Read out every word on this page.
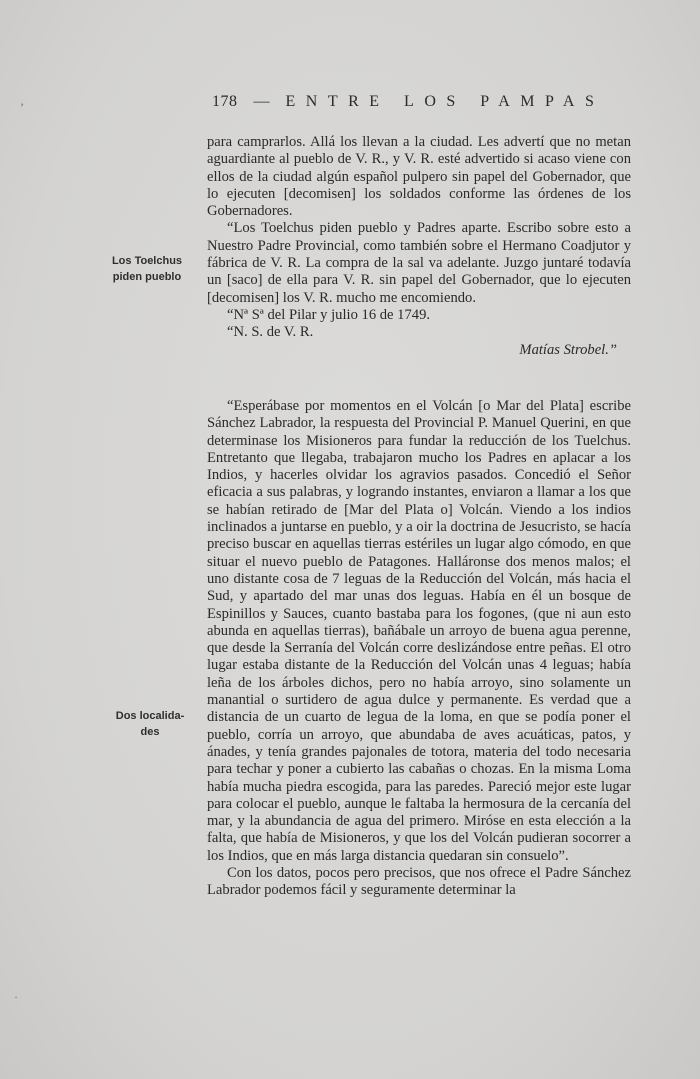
178 — ENTRE LOS PAMPAS
Los Toelchus
piden pueblo
Dos localida-
des

para camprarlos. Allá los llevan a la ciudad. Les advertí que no metan aguardiante al pueblo de V. R., y V. R. esté advertido si acaso viene con ellos de la ciudad algún español pulpero sin papel del Gobernador, que lo ejecuten [decomisen] los soldados conforme las órdenes de los Gobernadores.

“Los Toelchus piden pueblo y Padres aparte. Escribo sobre esto a Nuestro Padre Provincial, como también sobre el Hermano Coadjutor y fábrica de V. R. La compra de la sal va adelante. Juzgo juntaré todavía un [saco] de ella para V. R. sin papel del Gobernador, que lo ejecuten [decomisen] los V. R. mucho me encomiendo.

“Nª Sª del Pilar y julio 16 de 1749.

“N. S. de V. R.

Matías Strobel.”

“Esperábase por momentos en el Volcán [o Mar del Plata] escribe Sánchez Labrador, la respuesta del Provincial P. Manuel Querini, en que determinase los Misioneros para fundar la reducción de los Tuelchus. Entretanto que llegaba, trabajaron mucho los Padres en aplacar a los Indios, y hacerles olvidar los agravios pasados. Concedió el Señor eficacia a sus palabras, y logrando instantes, enviaron a llamar a los que se habían retirado de [Mar del Plata o] Volcán. Viendo a los indios inclinados a juntarse en pueblo, y a oir la doctrina de Jesucristo, se hacía preciso buscar en aquellas tierras estériles un lugar algo cómodo, en que situar el nuevo pueblo de Patagones. Halláronse dos menos malos; el uno distante cosa de 7 leguas de la Reducción del Volcán, más hacia el Sud, y apartado del mar unas dos leguas. Había en él un bosque de Espinillos y Sauces, cuanto bastaba para los fogones, (que ni aun esto abunda en aquellas tierras), bañábale un arroyo de buena agua perenne, que desde la Serranía del Volcán corre deslizándose entre peñas. El otro lugar estaba distante de la Reducción del Volcán unas 4 leguas; había leña de los árboles dichos, pero no había arroyo, sino solamente un manantial o surtidero de agua dulce y permanente. Es verdad que a distancia de un cuarto de legua de la loma, en que se podía poner el pueblo, corría un arroyo, que abundaba de aves acuáticas, patos, y ánades, y tenía grandes pajonales de totora, materia del todo necesaria para techar y poner a cubierto las cabañas o chozas. En la misma Loma había mucha piedra escogida, para las paredes. Pareció mejor este lugar para colocar el pueblo, aunque le faltaba la hermosura de la cercanía del mar, y la abundancia de agua del primero. Miróse en esta elección a la falta, que había de Misioneros, y que los del Volcán pudieran socorrer a los Indios, que en más larga distancia quedaran sin consuelo”.

Con los datos, pocos pero precisos, que nos ofrece el Padre Sánchez Labrador podemos fácil y seguramente determinar la

’
·
